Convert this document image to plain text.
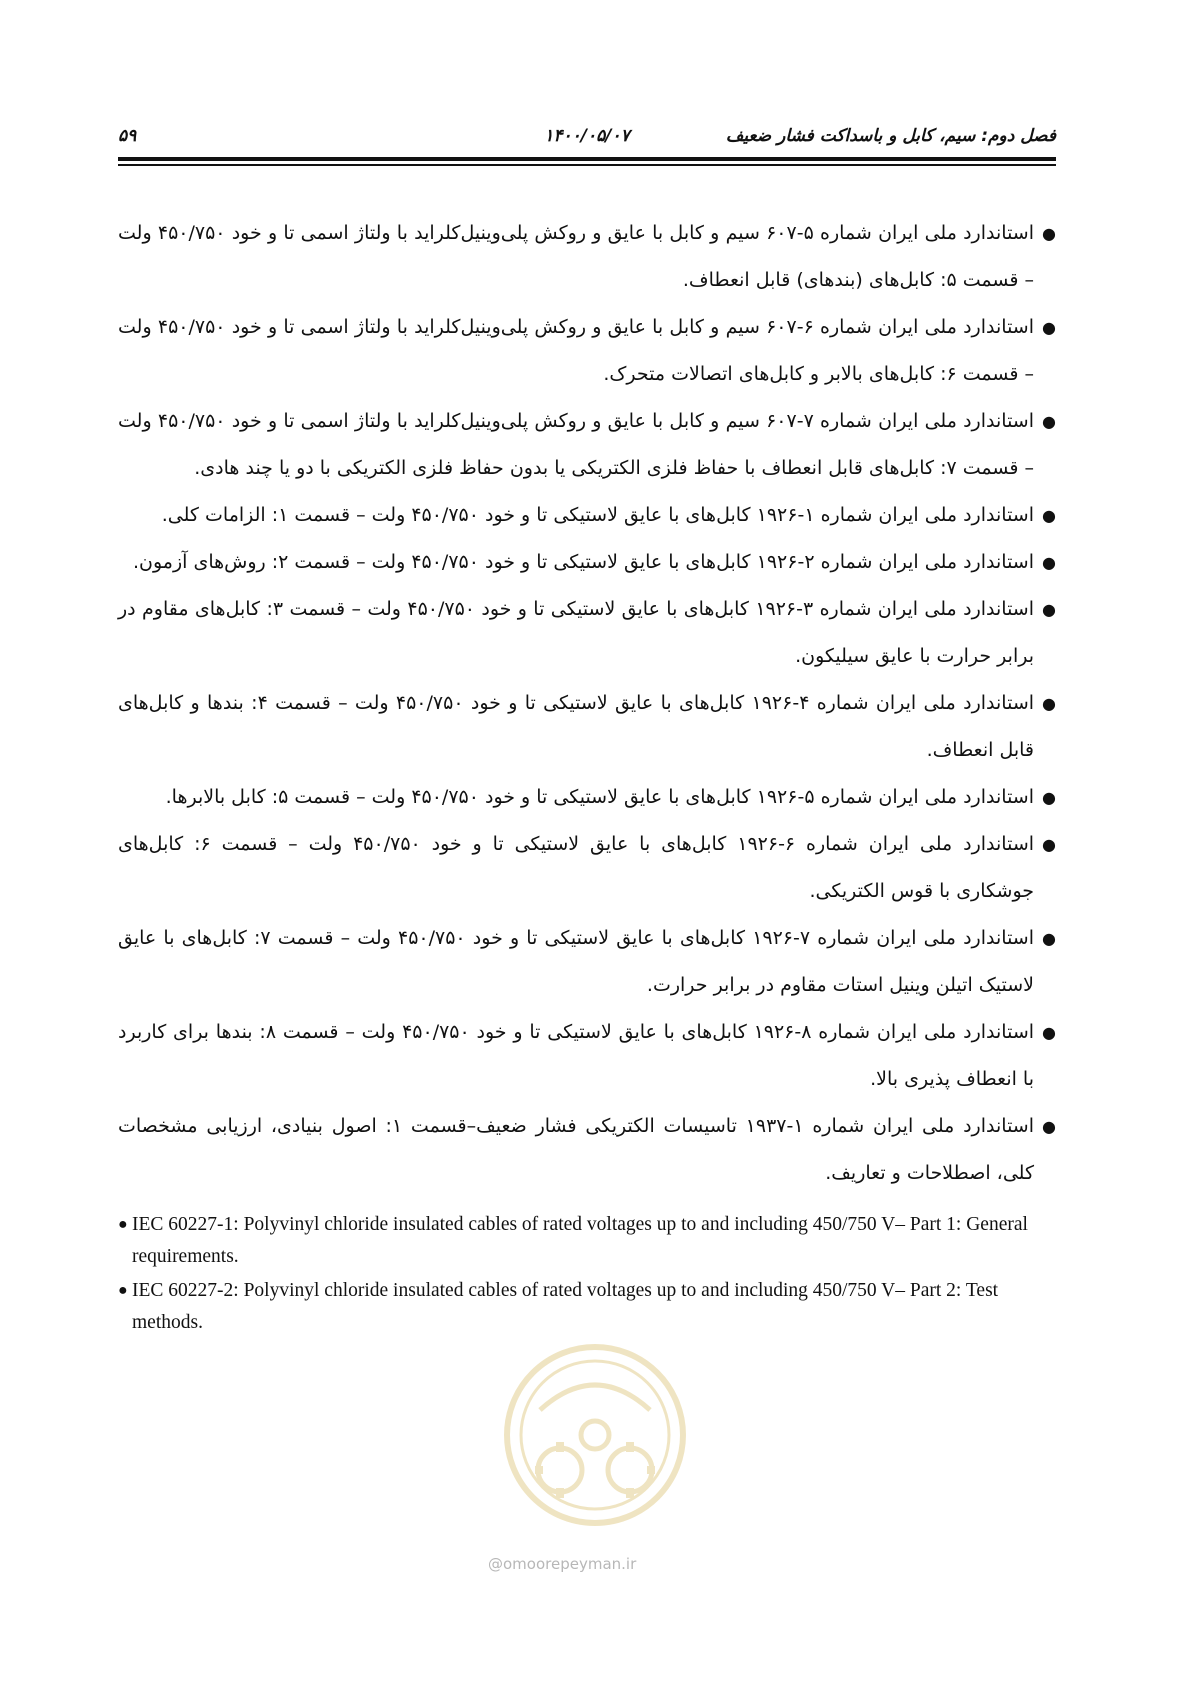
فصل دوم: سیم، کابل و باسداکت فشار ضعیف
۱۴۰۰/۰۵/۰۷
۵۹
●
استاندارد ملی ایران شماره ۵-۶۰۷ سیم و کابل با عایق و روکش پلی‌وینیل‌کلراید با ولتاژ اسمی تا و خود ۴۵۰/۷۵۰ ولت – قسمت ۵: کابل‌های (بندهای) قابل انعطاف.
●
استاندارد ملی ایران شماره ۶-۶۰۷ سیم و کابل با عایق و روکش پلی‌وینیل‌کلراید با ولتاژ اسمی تا و خود ۴۵۰/۷۵۰ ولت – قسمت ۶: کابل‌های بالابر و کابل‌های اتصالات متحرک.
●
استاندارد ملی ایران شماره ۷-۶۰۷ سیم و کابل با عایق و روکش پلی‌وینیل‌کلراید با ولتاژ اسمی تا و خود ۴۵۰/۷۵۰ ولت – قسمت ۷: کابل‌های قابل انعطاف با حفاظ فلزی الکتریکی یا بدون حفاظ فلزی الکتریکی با دو یا چند هادی.
●
استاندارد ملی ایران شماره ۱-۱۹۲۶ کابل‌های با عایق لاستیکی تا و خود ۴۵۰/۷۵۰ ولت – قسمت ۱: الزامات کلی.
●
استاندارد ملی ایران شماره ۲-۱۹۲۶ کابل‌های با عایق لاستیکی تا و خود ۴۵۰/۷۵۰ ولت – قسمت ۲: روش‌های آزمون.
●
استاندارد ملی ایران شماره ۳-۱۹۲۶ کابل‌های با عایق لاستیکی تا و خود ۴۵۰/۷۵۰ ولت – قسمت ۳: کابل‌های مقاوم در برابر حرارت با عایق سیلیکون.
●
استاندارد ملی ایران شماره ۴-۱۹۲۶ کابل‌های با عایق لاستیکی تا و خود ۴۵۰/۷۵۰ ولت – قسمت ۴: بندها و کابل‌های قابل انعطاف.
●
استاندارد ملی ایران شماره ۵-۱۹۲۶ کابل‌های با عایق لاستیکی تا و خود ۴۵۰/۷۵۰ ولت – قسمت ۵: کابل بالابرها.
●
استاندارد ملی ایران شماره ۶-۱۹۲۶ کابل‌های با عایق لاستیکی تا و خود ۴۵۰/۷۵۰ ولت – قسمت ۶: کابل‌های جوشکاری با قوس الکتریکی.
●
استاندارد ملی ایران شماره ۷-۱۹۲۶ کابل‌های با عایق لاستیکی تا و خود ۴۵۰/۷۵۰ ولت – قسمت ۷: کابل‌های با عایق لاستیک اتیلن وینیل استات مقاوم در برابر حرارت.
●
استاندارد ملی ایران شماره ۸-۱۹۲۶ کابل‌های با عایق لاستیکی تا و خود ۴۵۰/۷۵۰ ولت – قسمت ۸: بندها برای کاربرد با انعطاف پذیری بالا.
●
استاندارد ملی ایران شماره ۱-۱۹۳۷ تاسیسات الکتریکی فشار ضعیف–قسمت ۱: اصول بنیادی، ارزیابی مشخصات کلی، اصطلاحات و تعاریف.
● IEC 60227-1: Polyvinyl chloride insulated cables of rated voltages up to and including 450/750 V– Part 1: General requirements.
● IEC 60227-2: Polyvinyl chloride insulated cables of rated voltages up to and including 450/750 V– Part 2: Test methods.
@omoorepeyman.ir
